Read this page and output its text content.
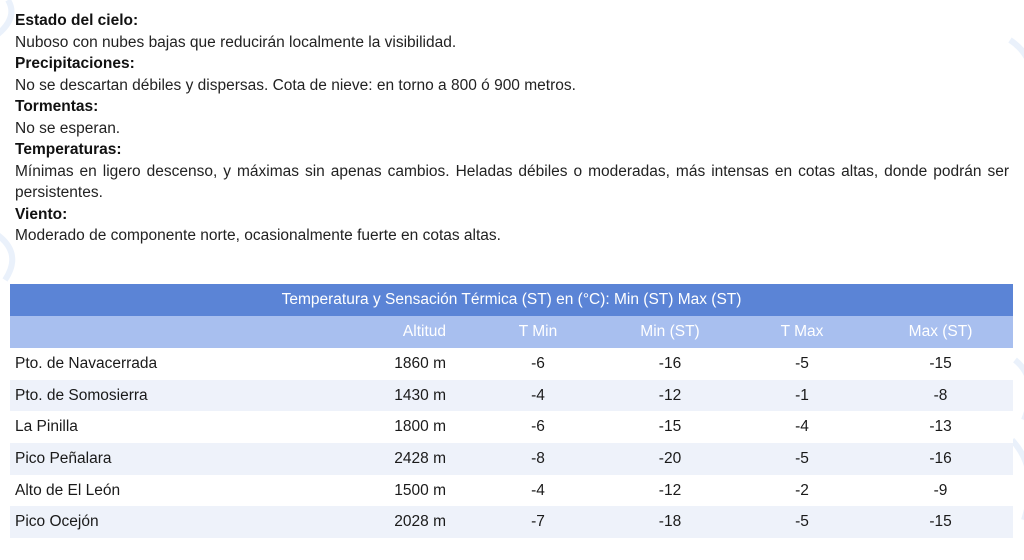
Estado del cielo:
Nuboso con nubes bajas que reducirán localmente la visibilidad.
Precipitaciones:
No se descartan débiles y dispersas. Cota de nieve: en torno a 800 ó 900 metros.
Tormentas:
No se esperan.
Temperaturas:
Mínimas en ligero descenso, y máximas sin apenas cambios. Heladas débiles o moderadas, más intensas en cotas altas, donde podrán ser persistentes.
Viento:
Moderado de componente norte, ocasionalmente fuerte en cotas altas.
Temperatura y Sensación Térmica (ST) en (°C): Min (ST) Max (ST)					
	Altitud	T Min	Min (ST)	T Max	Max (ST)
Pto. de Navacerrada	1860 m	-6	-16	-5	-15
Pto. de Somosierra	1430 m	-4	-12	-1	-8
La Pinilla	1800 m	-6	-15	-4	-13
Pico Peñalara	2428 m	-8	-20	-5	-16
Alto de El León	1500 m	-4	-12	-2	-9
Pico Ocejón	2028 m	-7	-18	-5	-15
